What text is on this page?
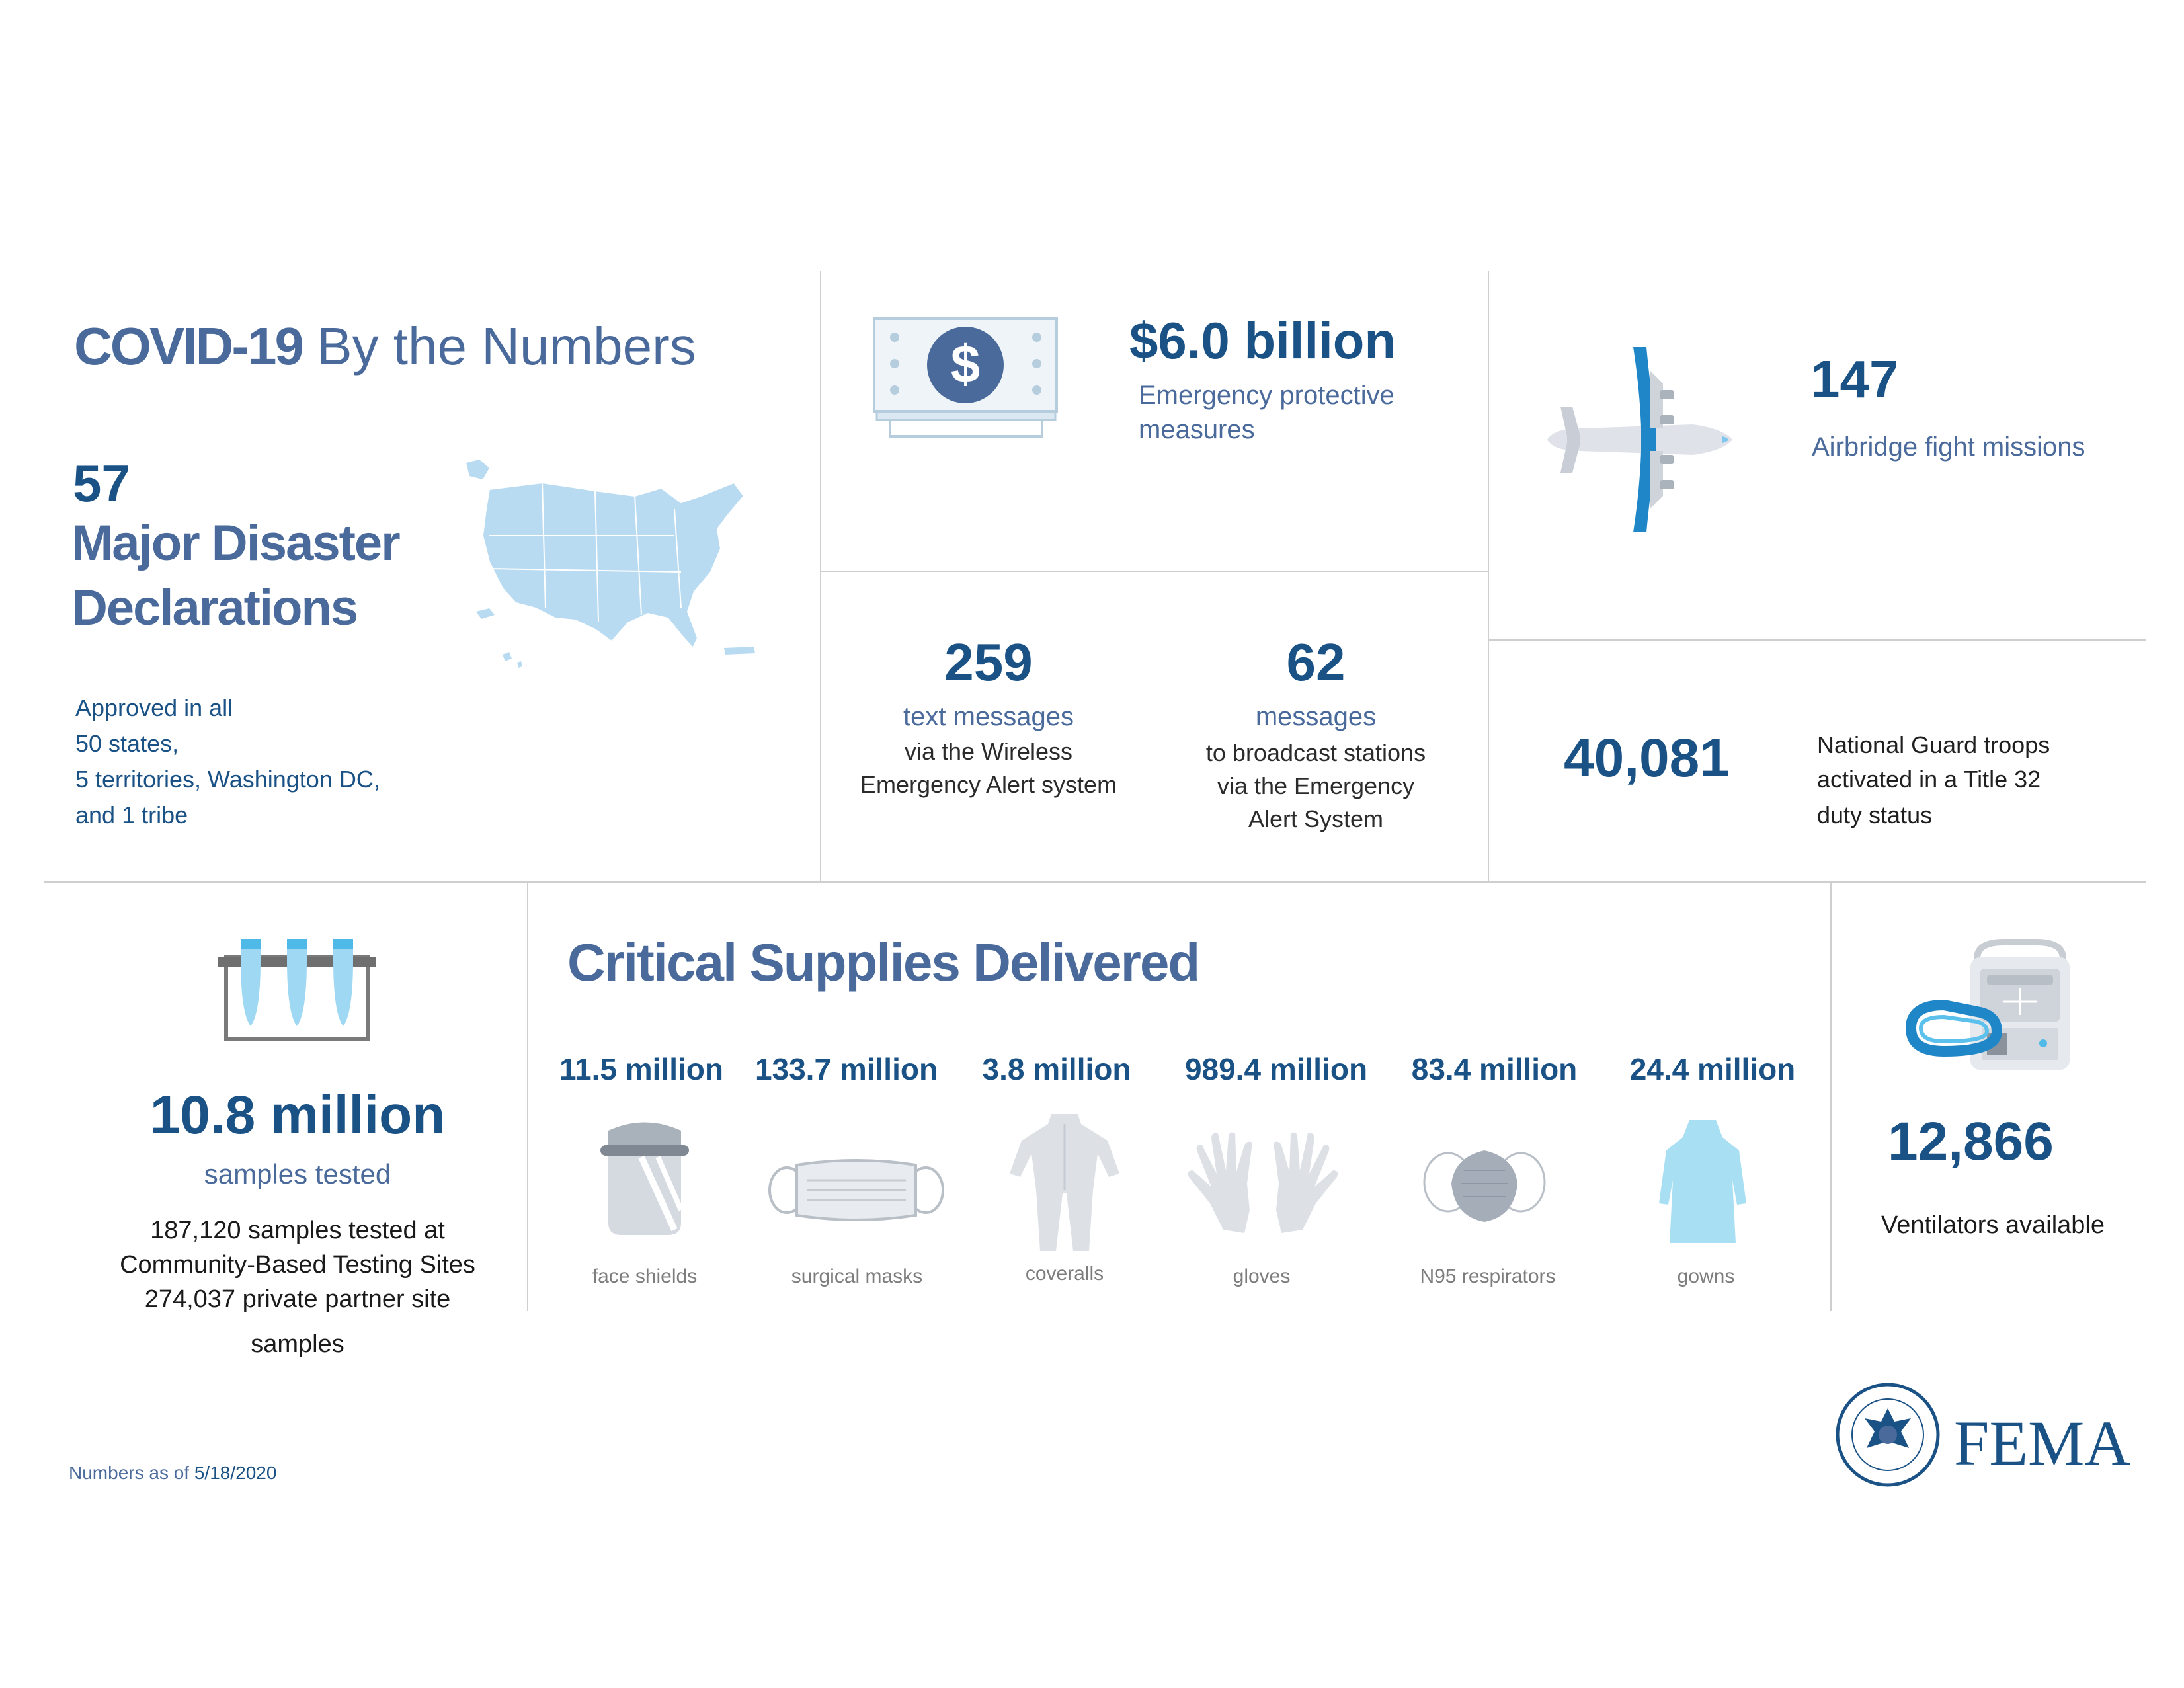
COVID-19 By the Numbers
57
Major Disaster
Declarations
Approved in all
50 states,
5 territories, Washington DC,
and 1 tribe
$	$6.0 billion
Emergency protective
measures
147
Airbridge fight missions
259
text messages
via the Wireless
Emergency Alert system
62
messages
to broadcast stations
via the Emergency
Alert System
40,081	National Guard troops
activated in a Title 32
duty status
10.8 million
samples tested
187,120 samples tested at
Community-Based Testing Sites
274,037 private partner site
samples
Critical Supplies Delivered
11.5 million	133.7 million	3.8 million	989.4 million	83.4 million	24.4 million
face shields	surgical masks	coveralls	gloves	N95 respirators	gowns
12,866
Ventilators available
Numbers as of 5/18/2020	FEMA
